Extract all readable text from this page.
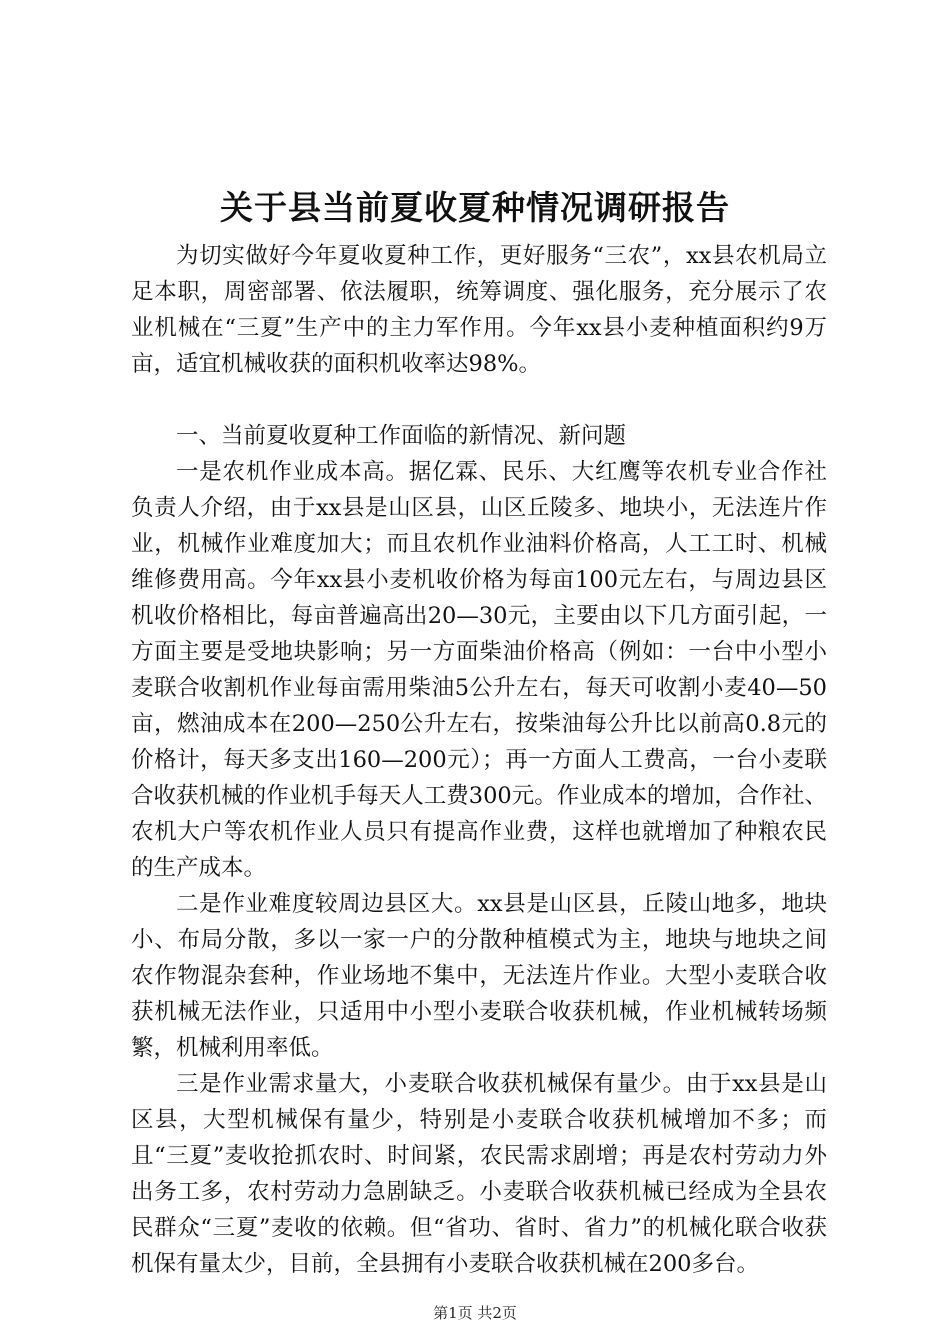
关于县当前夏收夏种情况调研报告

为切实做好今年夏收夏种工作，更好服务“三农”，xx县农机局立足本职，周密部署、依法履职，统筹调度、强化服务，充分展示了农业机械在“三夏”生产中的主力军作用。今年xx县小麦种植面积约9万亩，适宜机械收获的面积机收率达98%。

一、当前夏收夏种工作面临的新情况、新问题

一是农机作业成本高。据亿霖、民乐、大红鹰等农机专业合作社负责人介绍，由于xx县是山区县，山区丘陵多、地块小，无法连片作业，机械作业难度加大；而且农机作业油料价格高，人工工时、机械维修费用高。今年xx县小麦机收价格为每亩100元左右，与周边县区机收价格相比，每亩普遍高出20—30元，主要由以下几方面引起，一方面主要是受地块影响；另一方面柴油价格高（例如：一台中小型小麦联合收割机作业每亩需用柴油5公升左右，每天可收割小麦40—50亩，燃油成本在200—250公升左右，按柴油每公升比以前高0.8元的价格计，每天多支出160—200元）；再一方面人工费高，一台小麦联合收获机械的作业机手每天人工费300元。作业成本的增加，合作社、农机大户等农机作业人员只有提高作业费，这样也就增加了种粮农民的生产成本。

二是作业难度较周边县区大。xx县是山区县，丘陵山地多，地块小、布局分散，多以一家一户的分散种植模式为主，地块与地块之间农作物混杂套种，作业场地不集中，无法连片作业。大型小麦联合收获机械无法作业，只适用中小型小麦联合收获机械，作业机械转场频繁，机械利用率低。

三是作业需求量大，小麦联合收获机械保有量少。由于xx县是山区县，大型机械保有量少，特别是小麦联合收获机械增加不多；而且“三夏”麦收抢抓农时、时间紧，农民需求剧增；再是农村劳动力外出务工多，农村劳动力急剧缺乏。小麦联合收获机械已经成为全县农民群众“三夏”麦收的依赖。但“省功、省时、省力”的机械化联合收获机保有量太少，目前，全县拥有小麦联合收获机械在200多台。

第1页 共2页
